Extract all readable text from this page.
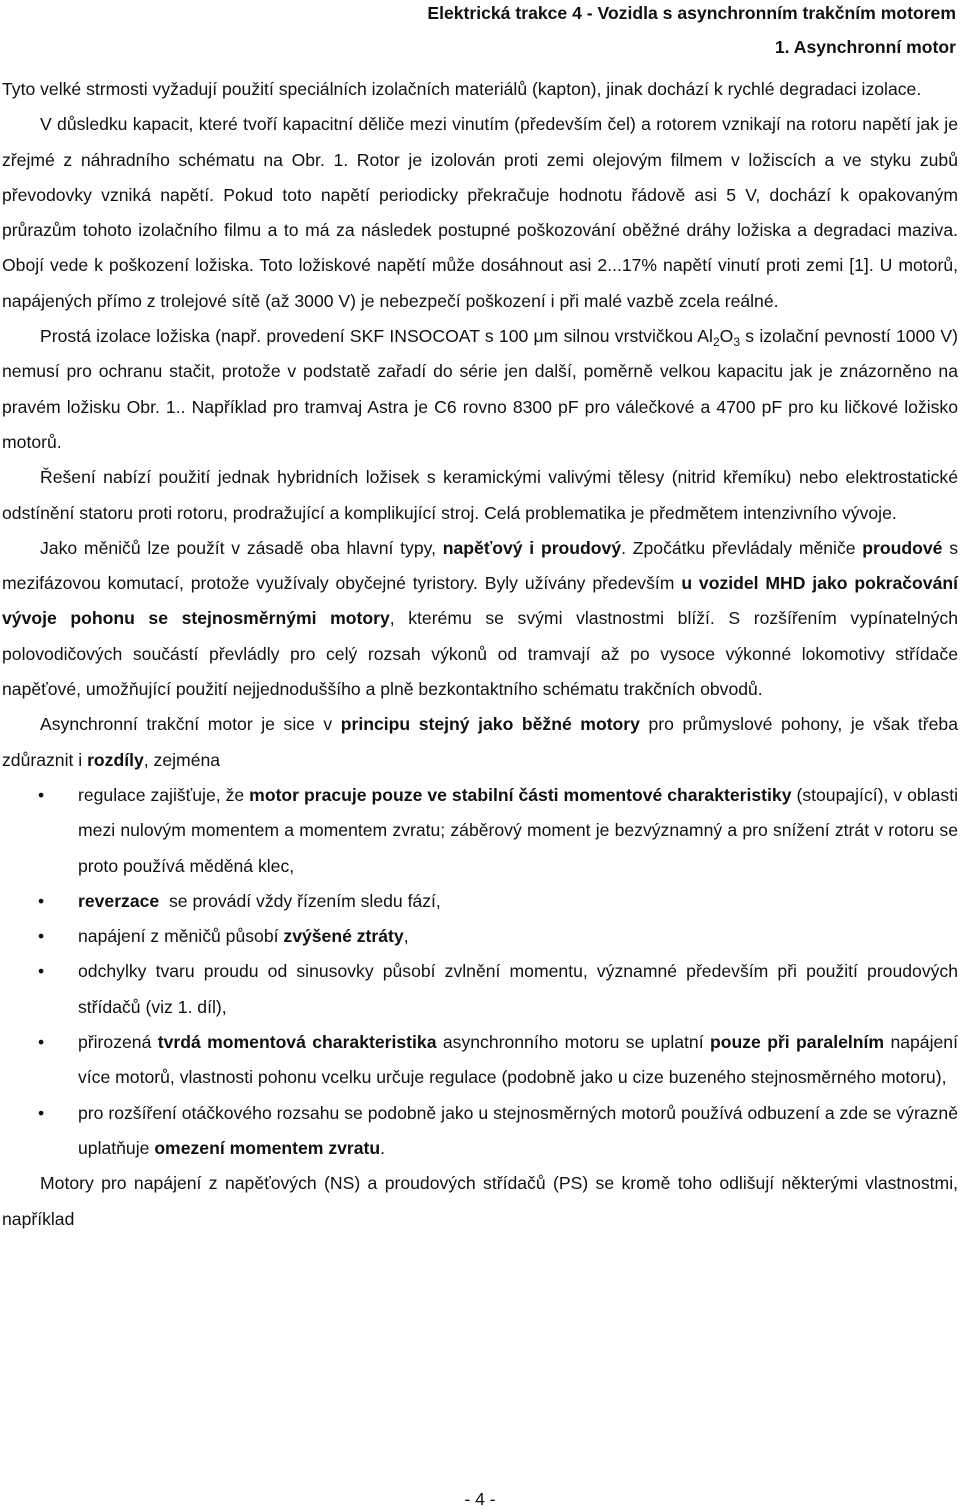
Elektrická trakce 4 - Vozidla s asynchronním trakčním motorem
1. Asynchronní motor

Tyto velké strmosti vyžadují použití speciálních izolačních materiálů (kapton), jinak dochází k rychlé degradaci izolace.

V důsledku kapacit, které tvoří kapacitní děliče mezi vinutím (především čel) a rotorem vznikají na rotoru napětí jak je zřejmé z náhradního schématu na Obr. 1. Rotor je izolován proti zemi olejovým filmem v ložiscích a ve styku zubů převodovky vzniká napětí. Pokud toto napětí periodicky překračuje hodnotu řádově asi 5 V, dochází k opakovaným průrazům tohoto izolačního filmu a to má za následek postupné poškozování oběžné dráhy ložiska a degradaci maziva. Obojí vede k poškození ložiska. Toto ložiskové napětí může dosáhnout asi 2...17% napětí vinutí proti zemi [1]. U motorů, napájených přímo z trolejové sítě (až 3000 V) je nebezpečí poškození i při malé vazbě zcela reálné.

Prostá izolace ložiska (např. provedení SKF INSOCOAT s 100 μm silnou vrstvičkou $Al_2O_3$ s izolační pevností 1000 V) nemusí pro ochranu stačit, protože v podstatě zařadí do série jen další, poměrně velkou kapacitu jak je znázorněno na pravém ložisku Obr. 1.. Například pro tramvaj Astra je C6 rovno 8300 pF pro válečkové a 4700 pF pro ku ličkové ložisko motorů.

Řešení nabízí použití jednak hybridních ložisek s keramickými valivými tělesy (nitrid křemíku) nebo elektrostatické odstínění statoru proti rotoru, prodražující a komplikující stroj. Celá problematika je předmětem intenzivního vývoje.

Jako měničů lze použít v zásadě oba hlavní typy, napěťový i proudový. Zpočátku převládaly měniče proudové s mezifázovou komutací, protože využívaly obyčejné tyristory. Byly užívány především u vozidel MHD jako pokračování vývoje pohonu se stejnosměrnými motory, kterému se svými vlastnostmi blíží. S rozšířením vypínatelných polovodičových součástí převládly pro celý rozsah výkonů od tramvají až po vysoce výkonné lokomotivy střídače napěťové, umožňující použití nejjednoduššího a plně bezkontaktního schématu trakčních obvodů.

Asynchronní trakční motor je sice v principu stejný jako běžné motory pro průmyslové pohony, je však třeba zdůraznit i rozdíly, zejména

• regulace zajišťuje, že motor pracuje pouze ve stabilní části momentové charakteristiky (stoupající), v oblasti mezi nulovým momentem a momentem zvratu; záběrový moment je bezvýznamný a pro snížení ztrát v rotoru se proto používá měděná klec,
• reverzace  se provádí vždy řízením sledu fází,
• napájení z měničů působí zvýšené ztráty,
• odchylky tvaru proudu od sinusovky působí zvlnění momentu, významné především při použití proudových střídačů (viz 1. díl),
• přirozená tvrdá momentová charakteristika asynchronního motoru se uplatní pouze při paralelním napájení více motorů, vlastnosti pohonu vcelku určuje regulace (podobně jako u cize buzeného stejnosměrného motoru),
• pro rozšíření otáčkového rozsahu se podobně jako u stejnosměrných motorů používá odbuzení a zde se výrazně uplatňuje omezení momentem zvratu.

Motory pro napájení z napěťových (NS) a proudových střídačů (PS) se kromě toho odlišují některými vlastnostmi, například

- 4 -
